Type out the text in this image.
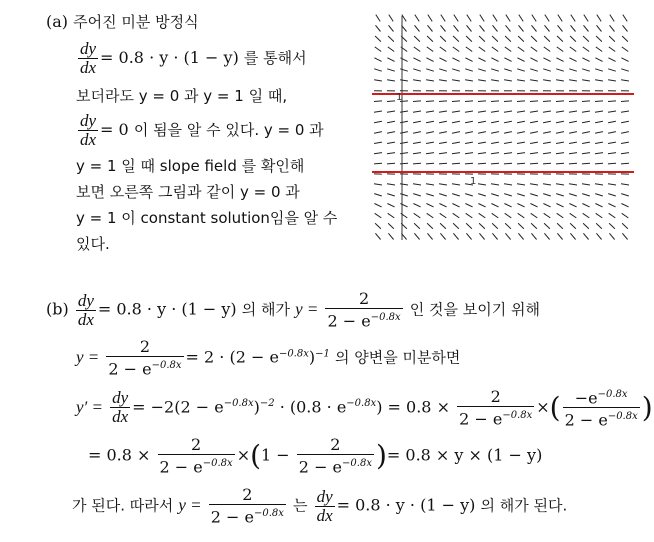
(a) 주어진 미분 방정식
$\frac{dy}{dx} = 0.8 \cdot y \cdot (1 - y)$ 를 통해서
보더라도 y = 0 과 y = 1 일 때,
$\frac{dy}{dx} = 0$ 이 됨을 알 수 있다. y = 0 과
y = 1 일 때 slope field 를 확인해
보면 오른쪽 그림과 같이 y = 0 과
y = 1 이 constant solution임을 알 수
있다.
1
1
$(b) \frac{dy}{dx} = 0.8 \cdot y \cdot (1 - y)$ 의 해가 $y = \frac{2}{2 - e^{-0.8x}}$ 인 것을 보이기 위해
$y = \frac{2}{2 - e^{-0.8x}} = 2 \cdot (2 - e^{-0.8x})^{-1}$ 의 양변을 미분하면
$y' = \frac{dy}{dx} = -2(2 - e^{-0.8x})^{-2} \cdot (0.8 \cdot e^{-0.8x}) = 0.8 \times \frac{2}{2 - e^{-0.8x}}$ ×( $\frac{-e^{-0.8x}}{2 - e^{-0.8x}}$ )
= $0.8 \times \frac{2}{2 - e^{-0.8x}} \times(1 - \frac{2}{2 - e^{-0.8x}}$ )= 0.8 × y × (1 − y)
가 된다. 따라서 $y = \frac{2}{2 - e^{-0.8x}}$ 는 $\frac{dy}{dx} = 0.8 \cdot y \cdot (1 - y)$ 의 해가 된다.
